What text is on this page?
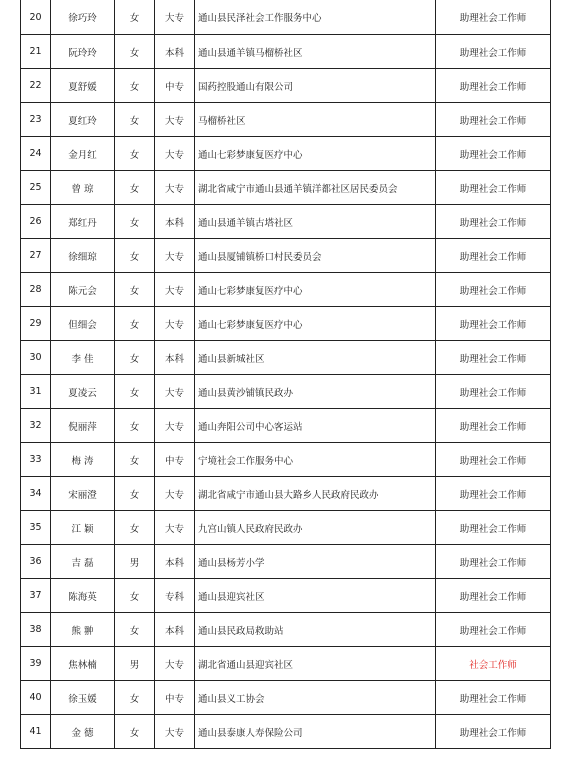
20	徐巧玲	女	大专	通山县民泽社会工作服务中心	助理社会工作师
21	阮玲玲	女	本科	通山县通羊镇马榴桥社区	助理社会工作师
22	夏舒媛	女	中专	国药控股通山有限公司	助理社会工作师
23	夏红玲	女	大专	马榴桥社区	助理社会工作师
24	金月红	女	大专	通山七彩梦康复医疗中心	助理社会工作师
25	曾 琼	女	大专	湖北省咸宁市通山县通羊镇洋都社区居民委员会	助理社会工作师
26	郑红丹	女	本科	通山县通羊镇古塔社区	助理社会工作师
27	徐细琼	女	大专	通山县厦铺镇桥口村民委员会	助理社会工作师
28	陈元会	女	大专	通山七彩梦康复医疗中心	助理社会工作师
29	但细会	女	大专	通山七彩梦康复医疗中心	助理社会工作师
30	李 佳	女	本科	通山县新城社区	助理社会工作师
31	夏凌云	女	大专	通山县黄沙铺镇民政办	助理社会工作师
32	倪丽萍	女	大专	通山奔阳公司中心客运站	助理社会工作师
33	梅 涛	女	中专	宁境社会工作服务中心	助理社会工作师
34	宋丽澄	女	大专	湖北省咸宁市通山县大路乡人民政府民政办	助理社会工作师
35	江 颖	女	大专	九宫山镇人民政府民政办	助理社会工作师
36	吉 磊	男	本科	通山县杨芳小学	助理社会工作师
37	陈海英	女	专科	通山县迎宾社区	助理社会工作师
38	熊 翀	女	本科	通山县民政局救助站	助理社会工作师
39	焦林楠	男	大专	湖北省通山县迎宾社区	社会工作师
40	徐玉媛	女	中专	通山县义工协会	助理社会工作师
41	金 德	女	大专	通山县泰康人寿保险公司	助理社会工作师
